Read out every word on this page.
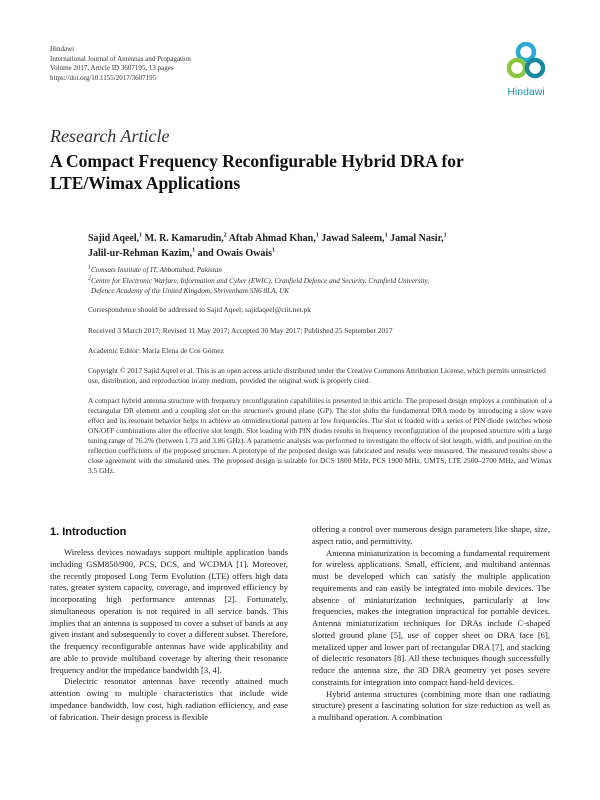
Hindawi
International Journal of Antennas and Propagation
Volume 2017, Article ID 3607195, 13 pages
https://doi.org/10.1155/2017/3607195
Hindawi
Research Article
A Compact Frequency Reconfigurable Hybrid DRA for LTE/Wimax Applications
Sajid Aqeel,$^1$ M. R. Kamarudin,$^2$ Aftab Ahmad Khan,$^1$ Jawad Saleem,$^1$ Jamal Nasir,$^1$
Jalil-ur-Rehman Kazim,$^1$ and Owais Owais$^1$
$^1$Comsats Institute of IT, Abbottabad, Pakistan
$^2$Centre for Electronic Warfare, Information and Cyber (EWIC), Cranfield Defence and Security, Cranfield University,
Defence Academy of the United Kingdom, Shrivenham SN6 8LA, UK
Correspondence should be addressed to Sajid Aqeel; sajidaqeel@ciit.net.pk
Received 3 March 2017; Revised 11 May 2017; Accepted 30 May 2017; Published 25 September 2017
Academic Editor: María Elena de Cos Gómez
Copyright © 2017 Sajid Aqeel et al. This is an open access article distributed under the Creative Commons Attribution License, which permits unrestricted use, distribution, and reproduction in any medium, provided the original work is properly cited.
A compact hybrid antenna structure with frequency reconfiguration capabilities is presented in this article. The proposed design employs a combination of a rectangular DR element and a coupling slot on the structure's ground plane (GP). The slot shifts the fundamental DRA mode by introducing a slow wave effect and its resonant behavior helps to achieve an omnidirectional pattern at low frequencies. The slot is loaded with a series of PIN diode switches whose ON/OFF combinations alter the effective slot length. Slot loading with PIN diodes results in frequency reconfiguration of the proposed structure with a large tuning range of 76.2% (between 1.73 and 3.86 GHz). A parametric analysis was performed to investigate the effects of slot length, width, and position on the reflection coefficients of the proposed structure. A prototype of the proposed design was fabricated and results were measured. The measured results show a close agreement with the simulated ones. The proposed design is suitable for DCS 1800 MHz, PCS 1900 MHz, UMTS, LTE 2500–2700 MHz, and Wimax 3.5 GHz.
1. Introduction

Wireless devices nowadays support multiple application bands including GSM850/900, PCS, DCS, and WCDMA [1]. Moreover, the recently proposed Long Term Evolution (LTE) offers high data rates, greater system capacity, coverage, and improved efficiency by incorporating high performance antennas [2]. Fortunately, simultaneous operation is not required in all service bands. This implies that an antenna is supposed to cover a subset of bands at any given instant and subsequently to cover a different subset. Therefore, the frequency reconfigurable antennas have wide applicability and are able to provide multiband coverage by altering their resonance frequency and/or the impedance bandwidth [3, 4].

Dielectric resonator antennas have recently attained much attention owing to multiple characteristics that include wide impedance bandwidth, low cost, high radiation efficiency, and ease of fabrication. Their design process is flexible

offering a control over numerous design parameters like shape, size, aspect ratio, and permittivity.

Antenna miniaturization is becoming a fundamental requirement for wireless applications. Small, efficient, and multiband antennas must be developed which can satisfy the multiple application requirements and can easily be integrated into mobile devices. The absence of miniaturization techniques, particularly at low frequencies, makes the integration impractical for portable devices. Antenna miniaturization techniques for DRAs include C-shaped slotted ground plane [5], use of copper sheet on DRA face [6], metalized upper and lower part of rectangular DRA [7], and stacking of dielectric resonators [8]. All these techniques though successfully reduce the antenna size, the 3D DRA geometry yet poses severe constraints for integration into compact hand-held devices.

Hybrid antenna structures (combining more than one radiating structure) present a fascinating solution for size reduction as well as a multiband operation. A combination
